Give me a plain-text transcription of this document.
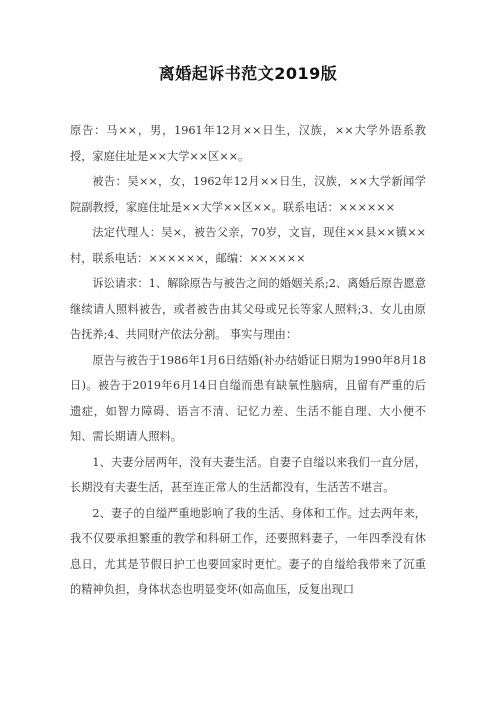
离婚起诉书范文2019版

原告：马××，男，1961年12月××日生，汉族，××大学外语系教授，家庭住址是××大学××区××。

被告：吴××，女，1962年12月××日生，汉族，××大学新闻学院副教授，家庭住址是××大学××区××。联系电话：××××××

法定代理人：吴×，被告父亲，70岁，文盲，现住××县××镇××村，联系电话：××××××，邮编：××××××

诉讼请求：1、解除原告与被告之间的婚姻关系;2、离婚后原告愿意继续请人照料被告，或者被告由其父母或兄长等家人照料;3、女儿由原告抚养;4、共同财产依法分割。 事实与理由：

原告与被告于1986年1月6日结婚(补办结婚证日期为1990年8月18日)。被告于2019年6月14日自缢而患有缺氧性脑病，且留有严重的后遗症，如智力障碍、语言不清、记忆力差、生活不能自理、大小便不知、需长期请人照料。

1、夫妻分居两年，没有夫妻生活。自妻子自缢以来我们一直分居，长期没有夫妻生活，甚至连正常人的生活都没有，生活苦不堪言。

2、妻子的自缢严重地影响了我的生活、身体和工作。过去两年来，我不仅要承担繁重的教学和科研工作，还要照料妻子，一年四季没有休息日，尤其是节假日护工也要回家时更忙。妻子的自缢给我带来了沉重的精神负担，身体状态也明显变坏(如高血压，反复出现口
